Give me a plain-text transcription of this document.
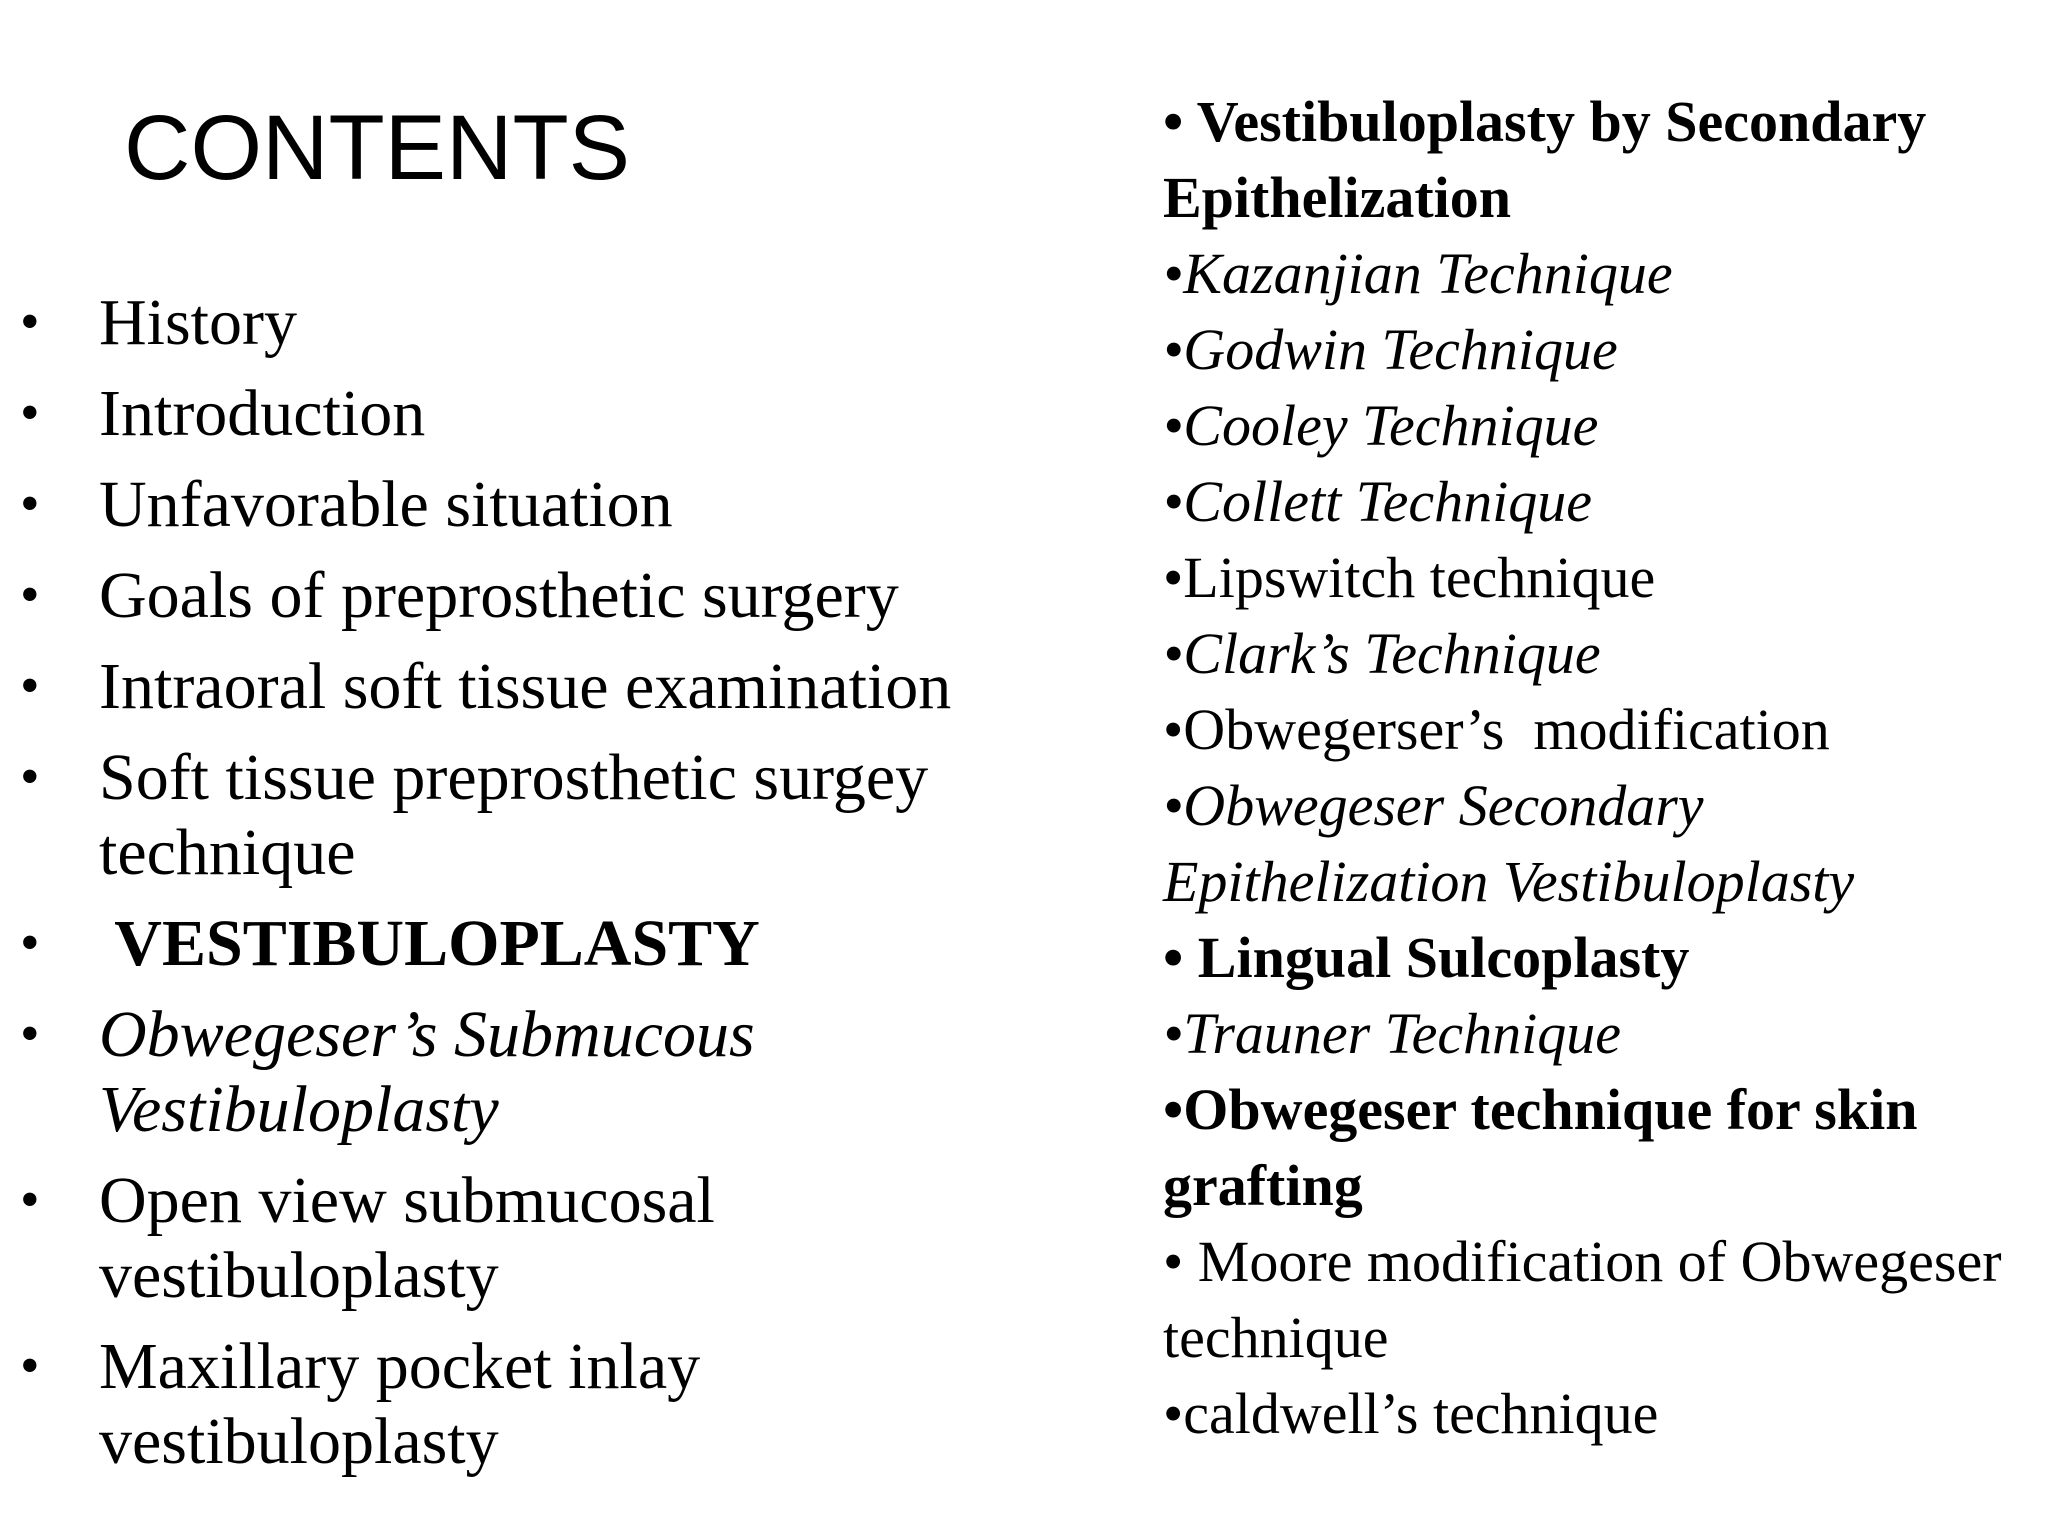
CONTENTS
• History
• Introduction
• Unfavorable situation
• Goals of preprosthetic surgery
• Intraoral soft tissue examination
• Soft tissue preprosthetic surgey technique
• VESTIBULOPLASTY
• Obwegeser’s Submucous Vestibuloplasty
• Open view submucosal vestibuloplasty
• Maxillary pocket inlay vestibuloplasty
• Vestibuloplasty by Secondary Epithelization
•Kazanjian Technique
•Godwin Technique
•Cooley Technique
•Collett Technique
•Lipswitch technique
•Clark’s Technique
•Obwegerser’s  modification
•Obwegeser Secondary Epithelization Vestibuloplasty
• Lingual Sulcoplasty
•Trauner Technique
•Obwegeser technique for skin grafting
• Moore modification of Obwegeser technique
•caldwell’s technique
